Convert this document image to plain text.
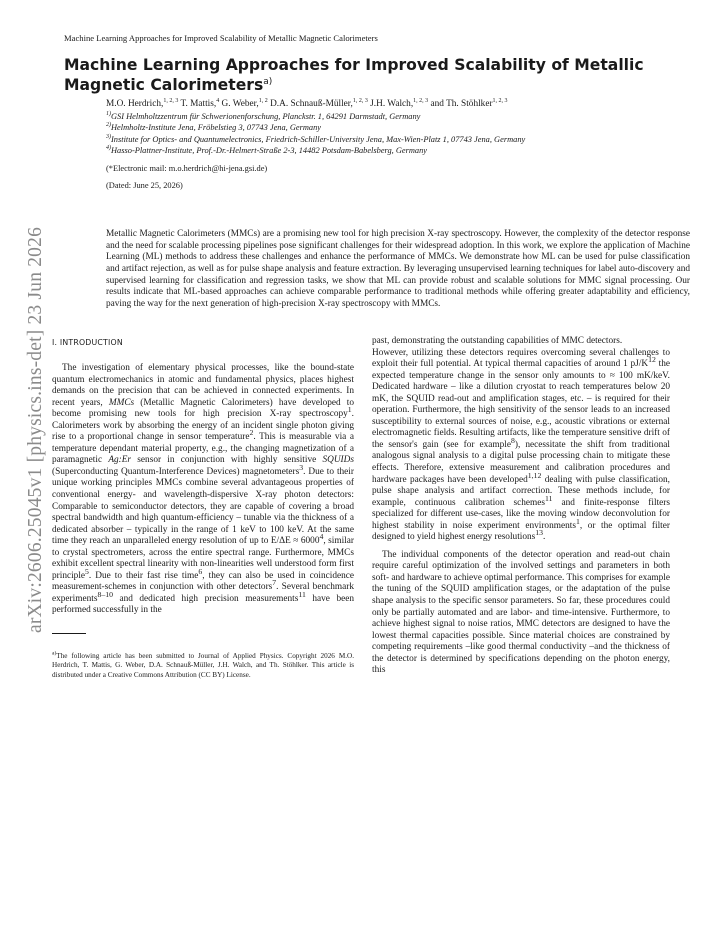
Machine Learning Approaches for Improved Scalability of Metallic Magnetic Calorimeters
arXiv:2606.25045v1 [physics.ins-det] 23 Jun 2026
Machine Learning Approaches for Improved Scalability of Metallic Magnetic Calorimeters$^{a)}$
M.O. Herdrich,$^{1, 2, 3}$ T. Mattis,$^4$ G. Weber,$^{1, 2}$ D.A. Schnauß-Müller,$^{1, 2, 3}$ J.H. Walch,$^{1, 2, 3}$ and Th. Stöhlker$^{1, 2, 3}$
$^{1)}$GSI Helmholtzzentrum für Schwerionenforschung, Planckstr. 1, 64291 Darmstadt, Germany
$^{2)}$Helmholtz-Institute Jena, Fröbelstieg 3, 07743 Jena, Germany
$^{3)}$Institute for Optics- and Quantumelectronics, Friedrich-Schiller-University Jena, Max-Wien-Platz 1, 07743 Jena, Germany
$^{4)}$Hasso-Plattner-Institute, Prof.-Dr.-Helmert-Straße 2-3, 14482 Potsdam-Babelsberg, Germany
(*Electronic mail: m.o.herdrich@hi-jena.gsi.de)
(Dated: June 25, 2026)

Metallic Magnetic Calorimeters (MMCs) are a promising new tool for high precision X-ray spectroscopy. However, the complexity of the detector response and the need for scalable processing pipelines pose significant challenges for their widespread adoption. In this work, we explore the application of Machine Learning (ML) methods to address these challenges and enhance the performance of MMCs. We demonstrate how ML can be used for pulse classification and artifact rejection, as well as for pulse shape analysis and feature extraction. By leveraging unsupervised learning techniques for label auto-discovery and supervised learning for classification and regression tasks, we show that ML can provide robust and scalable solutions for MMC signal processing. Our results indicate that ML-based approaches can achieve comparable performance to traditional methods while offering greater adaptability and efficiency, paving the way for the next generation of high-precision X-ray spectroscopy with MMCs.

I. INTRODUCTION

The investigation of elementary physical processes, like the bound-state quantum electromechanics in atomic and fundamental physics, places highest demands on the precision that can be achieved in connected experiments. In recent years, MMCs (Metallic Magnetic Calorimeters) have developed to become promising new tools for high precision X-ray spectroscopy$^1$. Calorimeters work by absorbing the energy of an incident single photon giving rise to a proportional change in sensor temperature$^2$. This is measurable via a temperature dependant material property, e.g., the changing magnetization of a paramagnetic Ag:Er sensor in conjunction with highly sensitive SQUIDs (Superconducting Quantum-Interference Devices) magnetometers$^3$. Due to their unique working principles MMCs combine several advantageous properties of conventional energy- and wavelength-dispersive X-ray photon detectors: Comparable to semiconductor detectors, they are capable of covering a broad spectral bandwidth and high quantum-efficiency – tunable via the thickness of a dedicated absorber – typically in the range of 1 keV to 100 keV. At the same time they reach an unparalleled energy resolution of up to $E/\Delta E \approx 6000^4$, similar to crystal spectrometers, across the entire spectral range. Furthermore, MMCs exhibit excellent spectral linearity with non-linearities well understood form first principle$^5$. Due to their fast rise time$^6$, they can also be used in coincidence measurement-schemes in conjunction with other detectors$^7$. Several benchmark experiments$^{8-10}$ and dedicated high precision measurements$^{11}$ have been performed successfully in the

$^{a)}$The following article has been submitted to Journal of Applied Physics. Copyright 2026 M.O. Herdrich, T. Mattis, G. Weber, D.A. Schnauß-Müller, J.H. Walch, and Th. Stöhlker. This article is distributed under a Creative Commons Attribution (CC BY) License.

past, demonstrating the outstanding capabilities of MMC detectors.

However, utilizing these detectors requires overcoming several challenges to exploit their full potential. At typical thermal capacities of around 1 $pJ/K^{12}$ the expected temperature change in the sensor only amounts to ≈ 100 mK/keV. Dedicated hardware – like a dilution cryostat to reach temperatures below 20 mK, the SQUID read-out and amplification stages, etc. – is required for their operation. Furthermore, the high sensitivity of the sensor leads to an increased susceptibility to external sources of noise, e.g., acoustic vibrations or external electromagnetic fields. Resulting artifacts, like the temperature sensitive drift of the sensor's gain (see for example$^8$), necessitate the shift from traditional analogous signal analysis to a digital pulse processing chain to mitigate these effects. Therefore, extensive measurement and calibration procedures and hardware packages have been developed$^{1,12}$ dealing with pulse classification, pulse shape analysis and artifact correction. These methods include, for example, continuous calibration schemes$^{11}$ and finite-response filters specialized for different use-cases, like the moving window deconvolution for highest stability in noise experiment environments$^1$, or the optimal filter designed to yield highest energy resolutions$^{13}$.

The individual components of the detector operation and read-out chain require careful optimization of the involved settings and parameters in both soft- and hardware to achieve optimal performance. This comprises for example the tuning of the SQUID amplification stages, or the adaptation of the pulse shape analysis to the specific sensor parameters. So far, these procedures could only be partially automated and are labor- and time-intensive. Furthermore, to achieve highest signal to noise ratios, MMC detectors are designed to have the lowest thermal capacities possible. Since material choices are constrained by competing requirements –like good thermal conductivity –and the thickness of the detector is determined by specifications depending on the photon energy, this
